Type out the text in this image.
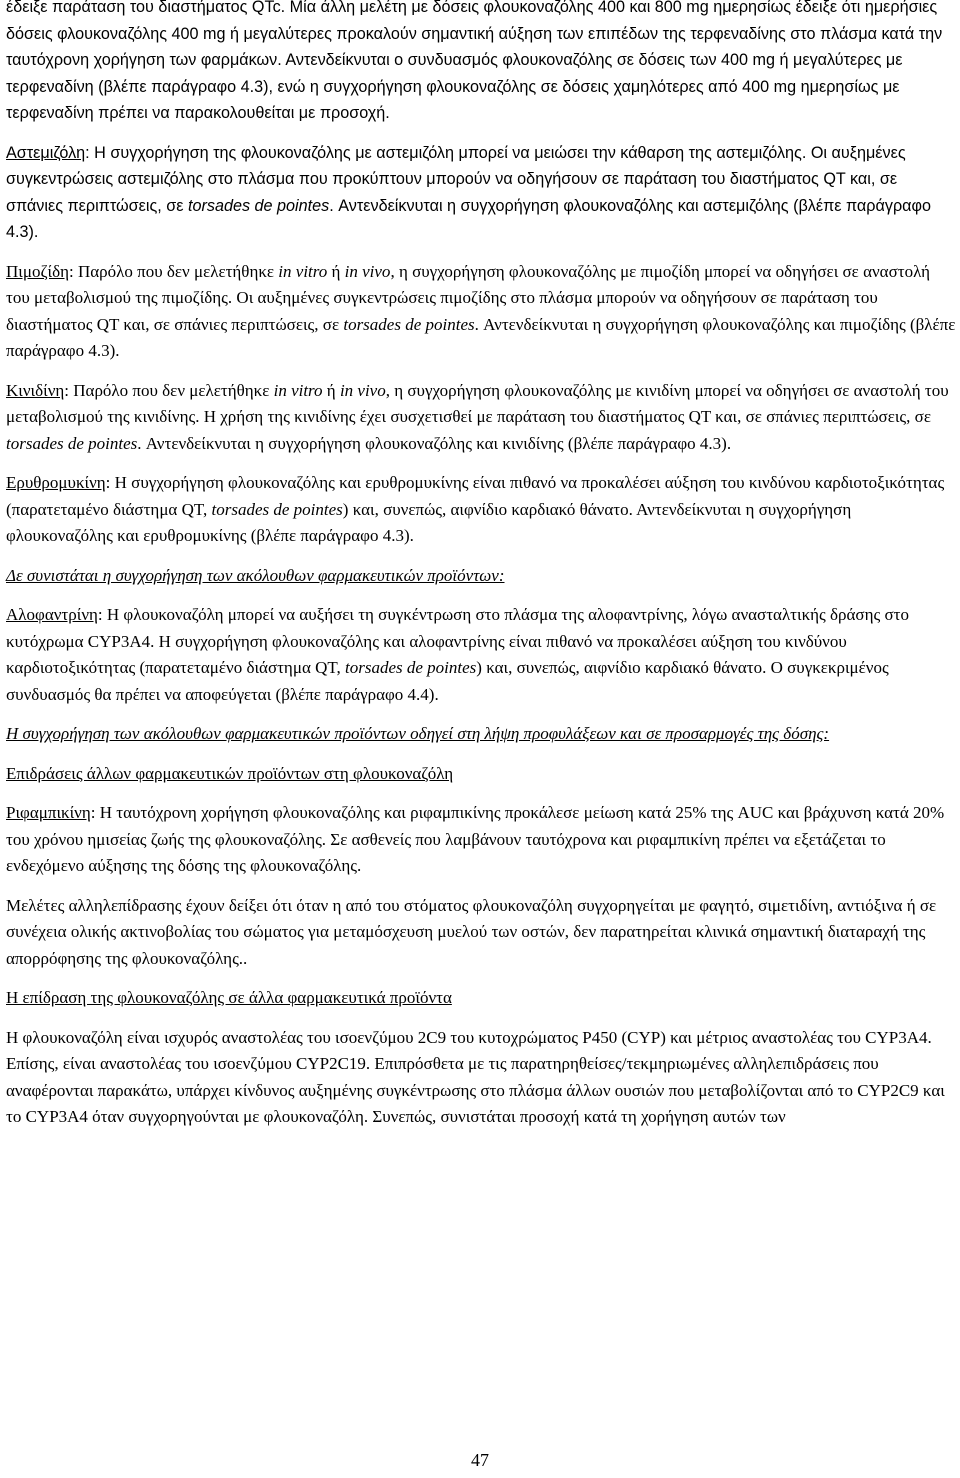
έδειξε παράταση του διαστήματος QTc. Μία άλλη μελέτη με δόσεις φλουκοναζόλης 400 και 800 mg ημερησίως έδειξε ότι ημερήσιες δόσεις φλουκοναζόλης 400 mg ή μεγαλύτερες προκαλούν σημαντική αύξηση των επιπέδων της τερφεναδίνης στο πλάσμα κατά την ταυτόχρονη χορήγηση των φαρμάκων. Αντενδείκνυται ο συνδυασμός φλουκοναζόλης σε δόσεις των 400 mg ή μεγαλύτερες με τερφεναδίνη (βλέπε παράγραφο 4.3), ενώ η συγχορήγηση φλουκοναζόλης σε δόσεις χαμηλότερες από 400 mg ημερησίως με τερφεναδίνη πρέπει να παρακολουθείται με προσοχή.

Αστεμιζόλη: Η συγχορήγηση της φλουκοναζόλης με αστεμιζόλη μπορεί να μειώσει την κάθαρση της αστεμιζόλης. Οι αυξημένες συγκεντρώσεις αστεμιζόλης στο πλάσμα που προκύπτουν μπορούν να οδηγήσουν σε παράταση του διαστήματος QT και, σε σπάνιες περιπτώσεις, σε torsades de pointes. Αντενδείκνυται η συγχορήγηση φλουκοναζόλης και αστεμιζόλης (βλέπε παράγραφο 4.3).

Πιμοζίδη: Παρόλο που δεν μελετήθηκε in vitro ή in vivo, η συγχορήγηση φλουκοναζόλης με πιμοζίδη μπορεί να οδηγήσει σε αναστολή του μεταβολισμού της πιμοζίδης. Οι αυξημένες συγκεντρώσεις πιμοζίδης στο πλάσμα μπορούν να οδηγήσουν σε παράταση του διαστήματος QT και, σε σπάνιες περιπτώσεις, σε torsades de pointes. Αντενδείκνυται η συγχορήγηση φλουκοναζόλης και πιμοζίδης (βλέπε παράγραφο 4.3).

Κινιδίνη: Παρόλο που δεν μελετήθηκε in vitro ή in vivo, η συγχορήγηση φλουκοναζόλης με κινιδίνη μπορεί να οδηγήσει σε αναστολή του μεταβολισμού της κινιδίνης. Η χρήση της κινιδίνης έχει συσχετισθεί με παράταση του διαστήματος QT και, σε σπάνιες περιπτώσεις, σε torsades de pointes. Αντενδείκνυται η συγχορήγηση φλουκοναζόλης και κινιδίνης (βλέπε παράγραφο 4.3).

Ερυθρομυκίνη: Η συγχορήγηση φλουκοναζόλης και ερυθρομυκίνης είναι πιθανό να προκαλέσει αύξηση του κινδύνου καρδιοτοξικότητας (παρατεταμένο διάστημα QT, torsades de pointes) και, συνεπώς, αιφνίδιο καρδιακό θάνατο. Αντενδείκνυται η συγχορήγηση φλουκοναζόλης και ερυθρομυκίνης (βλέπε παράγραφο 4.3).

Δε συνιστάται η συγχορήγηση των ακόλουθων φαρμακευτικών προϊόντων:

Αλοφαντρίνη: Η φλουκοναζόλη μπορεί να αυξήσει τη συγκέντρωση στο πλάσμα της αλοφαντρίνης, λόγω ανασταλτικής δράσης στο κυτόχρωμα CYP3A4. Η συγχορήγηση φλουκοναζόλης και αλοφαντρίνης είναι πιθανό να προκαλέσει αύξηση του κινδύνου καρδιοτοξικότητας (παρατεταμένο διάστημα QT, torsades de pointes) και, συνεπώς, αιφνίδιο καρδιακό θάνατο. Ο συγκεκριμένος συνδυασμός θα πρέπει να αποφεύγεται (βλέπε παράγραφο 4.4).

Η συγχορήγηση των ακόλουθων φαρμακευτικών προϊόντων οδηγεί στη λήψη προφυλάξεων και σε προσαρμογές της δόσης:

Επιδράσεις άλλων φαρμακευτικών προϊόντων στη φλουκοναζόλη

Ριφαμπικίνη: Η ταυτόχρονη χορήγηση φλουκοναζόλης και ριφαμπικίνης προκάλεσε μείωση κατά 25% της AUC και βράχυνση κατά 20% του χρόνου ημισείας ζωής της φλουκοναζόλης. Σε ασθενείς που λαμβάνουν ταυτόχρονα και ριφαμπικίνη πρέπει να εξετάζεται το ενδεχόμενο αύξησης της δόσης της φλουκοναζόλης.

Μελέτες αλληλεπίδρασης έχουν δείξει ότι όταν η από του στόματος φλουκοναζόλη συγχορηγείται με φαγητό, σιμετιδίνη, αντιόξινα ή σε συνέχεια ολικής ακτινοβολίας του σώματος για μεταμόσχευση μυελού των οστών, δεν παρατηρείται κλινικά σημαντική διαταραχή της απορρόφησης της φλουκοναζόλης..

Η επίδραση της φλουκοναζόλης σε άλλα φαρμακευτικά προϊόντα

Η φλουκοναζόλη είναι ισχυρός αναστολέας του ισοενζύμου 2C9 του κυτοχρώματος P450 (CYP) και μέτριος αναστολέας του CYP3A4. Επίσης, είναι αναστολέας του ισοενζύμου CYP2C19. Επιπρόσθετα με τις παρατηρηθείσες/τεκμηριωμένες αλληλεπιδράσεις που αναφέρονται παρακάτω, υπάρχει κίνδυνος αυξημένης συγκέντρωσης στο πλάσμα άλλων ουσιών που μεταβολίζονται από το CYP2C9 και το CYP3A4 όταν συγχορηγούνται με φλουκοναζόλη. Συνεπώς, συνιστάται προσοχή κατά τη χορήγηση αυτών των

47
